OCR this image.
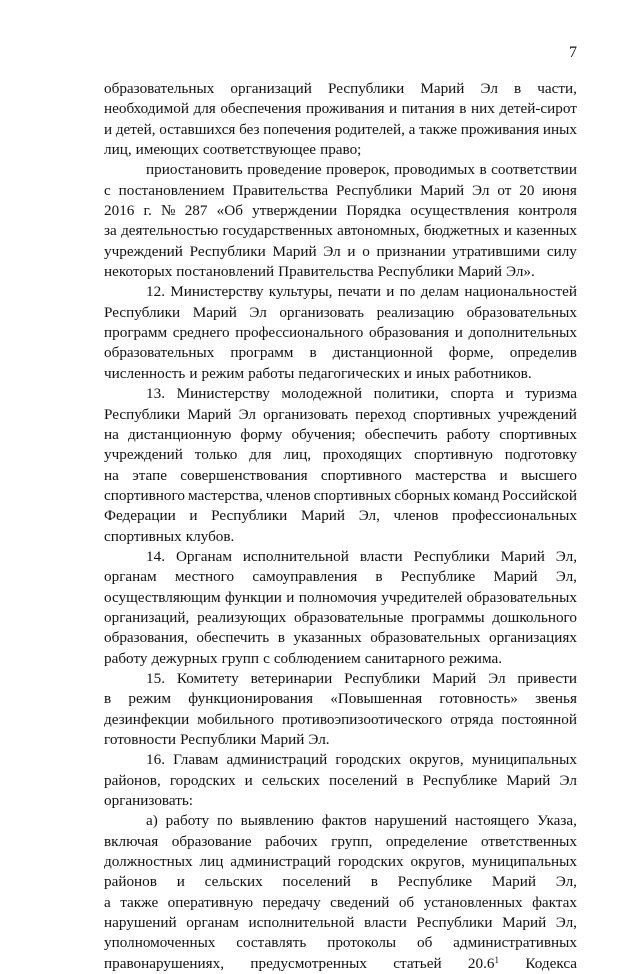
7
образовательных организаций Республики Марий Эл в части,
необходимой для обеспечения проживания и питания в них детей-сирот
и детей, оставшихся без попечения родителей, а также проживания иных
лиц, имеющих соответствующее право;
приостановить проведение проверок, проводимых в соответствии
с постановлением Правительства Республики Марий Эл от 20 июня
2016 г. № 287 «Об утверждении Порядка осуществления контроля
за деятельностью государственных автономных, бюджетных и казенных
учреждений Республики Марий Эл и о признании утратившими силу
некоторых постановлений Правительства Республики Марий Эл».
12. Министерству культуры, печати и по делам национальностей
Республики Марий Эл организовать реализацию образовательных
программ среднего профессионального образования и дополнительных
образовательных программ в дистанционной форме, определив
численность и режим работы педагогических и иных работников.
13. Министерству молодежной политики, спорта и туризма
Республики Марий Эл организовать переход спортивных учреждений
на дистанционную форму обучения; обеспечить работу спортивных
учреждений только для лиц, проходящих спортивную подготовку
на этапе совершенствования спортивного мастерства и высшего
спортивного мастерства, членов спортивных сборных команд Российской
Федерации и Республики Марий Эл, членов профессиональных
спортивных клубов.
14. Органам исполнительной власти Республики Марий Эл,
органам местного самоуправления в Республике Марий Эл,
осуществляющим функции и полномочия учредителей образовательных
организаций, реализующих образовательные программы дошкольного
образования, обеспечить в указанных образовательных организациях
работу дежурных групп с соблюдением санитарного режима.
15. Комитету ветеринарии Республики Марий Эл привести
в режим функционирования «Повышенная готовность» звенья
дезинфекции мобильного противоэпизоотического отряда постоянной
готовности Республики Марий Эл.
16. Главам администраций городских округов, муниципальных
районов, городских и сельских поселений в Республике Марий Эл
организовать:
а) работу по выявлению фактов нарушений настоящего Указа,
включая образование рабочих групп, определение ответственных
должностных лиц администраций городских округов, муниципальных
районов и сельских поселений в Республике Марий Эл,
а также оперативную передачу сведений об установленных фактах
нарушений органам исполнительной власти Республики Марий Эл,
уполномоченных составлять протоколы об административных
правонарушениях, предусмотренных статьей 20.6$^1$ Кодекса
